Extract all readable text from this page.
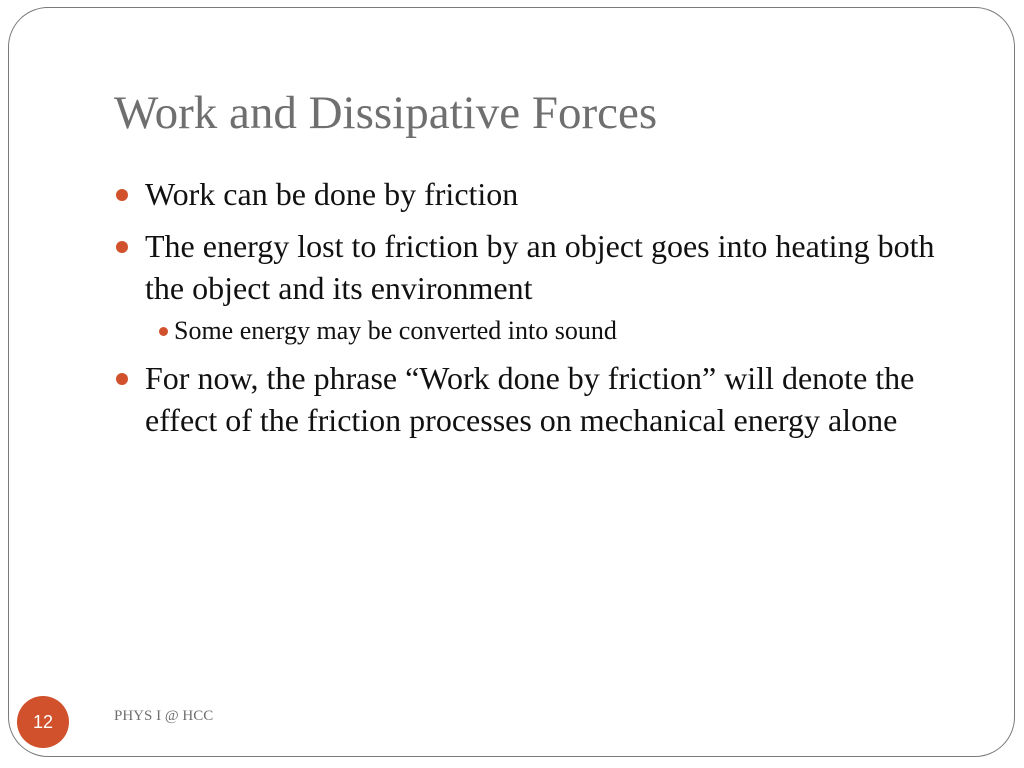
Work and Dissipative Forces
Work can be done by friction
The energy lost to friction by an object goes into heating both the object and its environment
Some energy may be converted into sound
For now, the phrase “Work done by friction” will denote the effect of the friction processes on mechanical energy alone
12	PHYS I @ HCC
